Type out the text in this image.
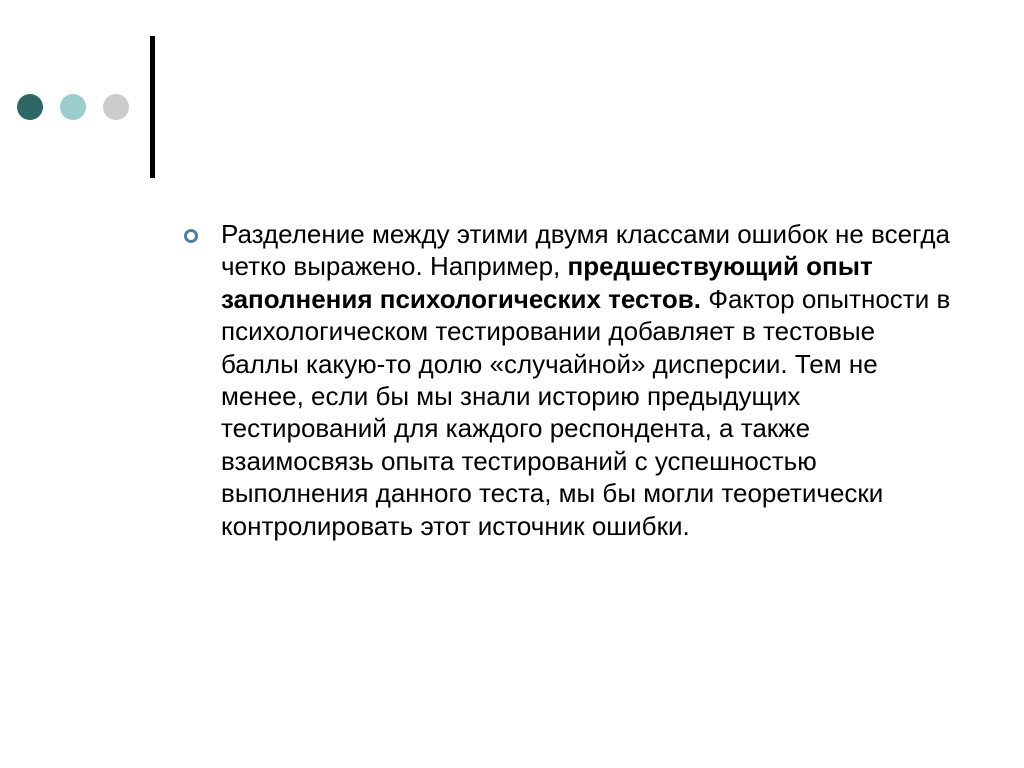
Разделение между этими двумя классами ошибок не всегда четко выражено. Например, предшествующий опыт заполнения психологических тестов. Фактор опытности в психологическом тестировании добавляет в тестовые баллы какую-то долю «случайной» дисперсии. Тем не менее, если бы мы знали историю предыдущих тестирований для каждого респондента, а также взаимосвязь опыта тестирований с успешностью выполнения данного теста, мы бы могли теоретически контролировать этот источник ошибки.
